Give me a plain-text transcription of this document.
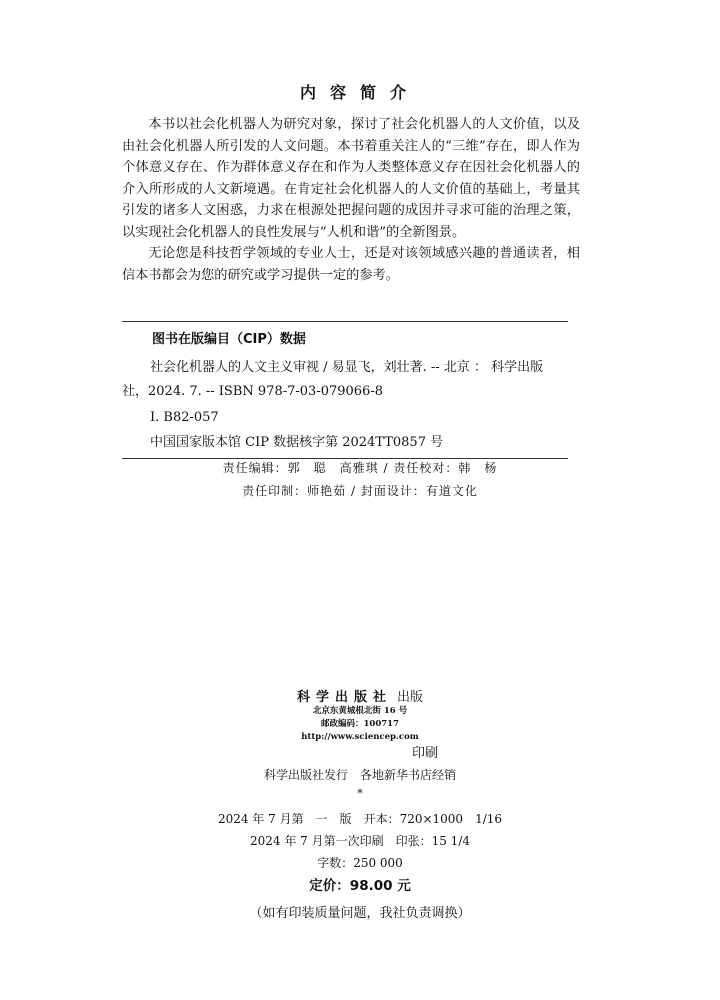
内容简介

本书以社会化机器人为研究对象，探讨了社会化机器人的人文价值，以及由社会化机器人所引发的人文问题。本书着重关注人的“三维”存在，即人作为个体意义存在、作为群体意义存在和作为人类整体意义存在因社会化机器人的介入所形成的人文新境遇。在肯定社会化机器人的人文价值的基础上，考量其引发的诸多人文困惑，力求在根源处把握问题的成因并寻求可能的治理之策，以实现社会化机器人的良性发展与“人机和谐”的全新图景。

无论您是科技哲学领域的专业人士，还是对该领域感兴趣的普通读者，相信本书都会为您的研究或学习提供一定的参考。

图书在版编目（CIP）数据
社会化机器人的人文主义审视 / 易显飞，刘壮著. -- 北京 ： 科学出版社，2024. 7. -- ISBN 978-7-03-079066-8
Ⅰ. B82-057
中国国家版本馆 CIP 数据核字第 2024TT0857 号
责任编辑：郭　聪　高雅琪 / 责任校对：韩　杨
责任印制：师艳茹 / 封面设计：有道文化
科学出版社 出版
北京东黄城根北街 16 号
邮政编码：100717
http://www.sciencep.com
印刷
科学出版社发行　各地新华书店经销
*
2024 年 7 月第　一　版　开本：720×1000　1/16
2024 年 7 月第一次印刷　印张：15 1/4
字数：250 000
定价：98.00 元
（如有印装质量问题，我社负责调换）
